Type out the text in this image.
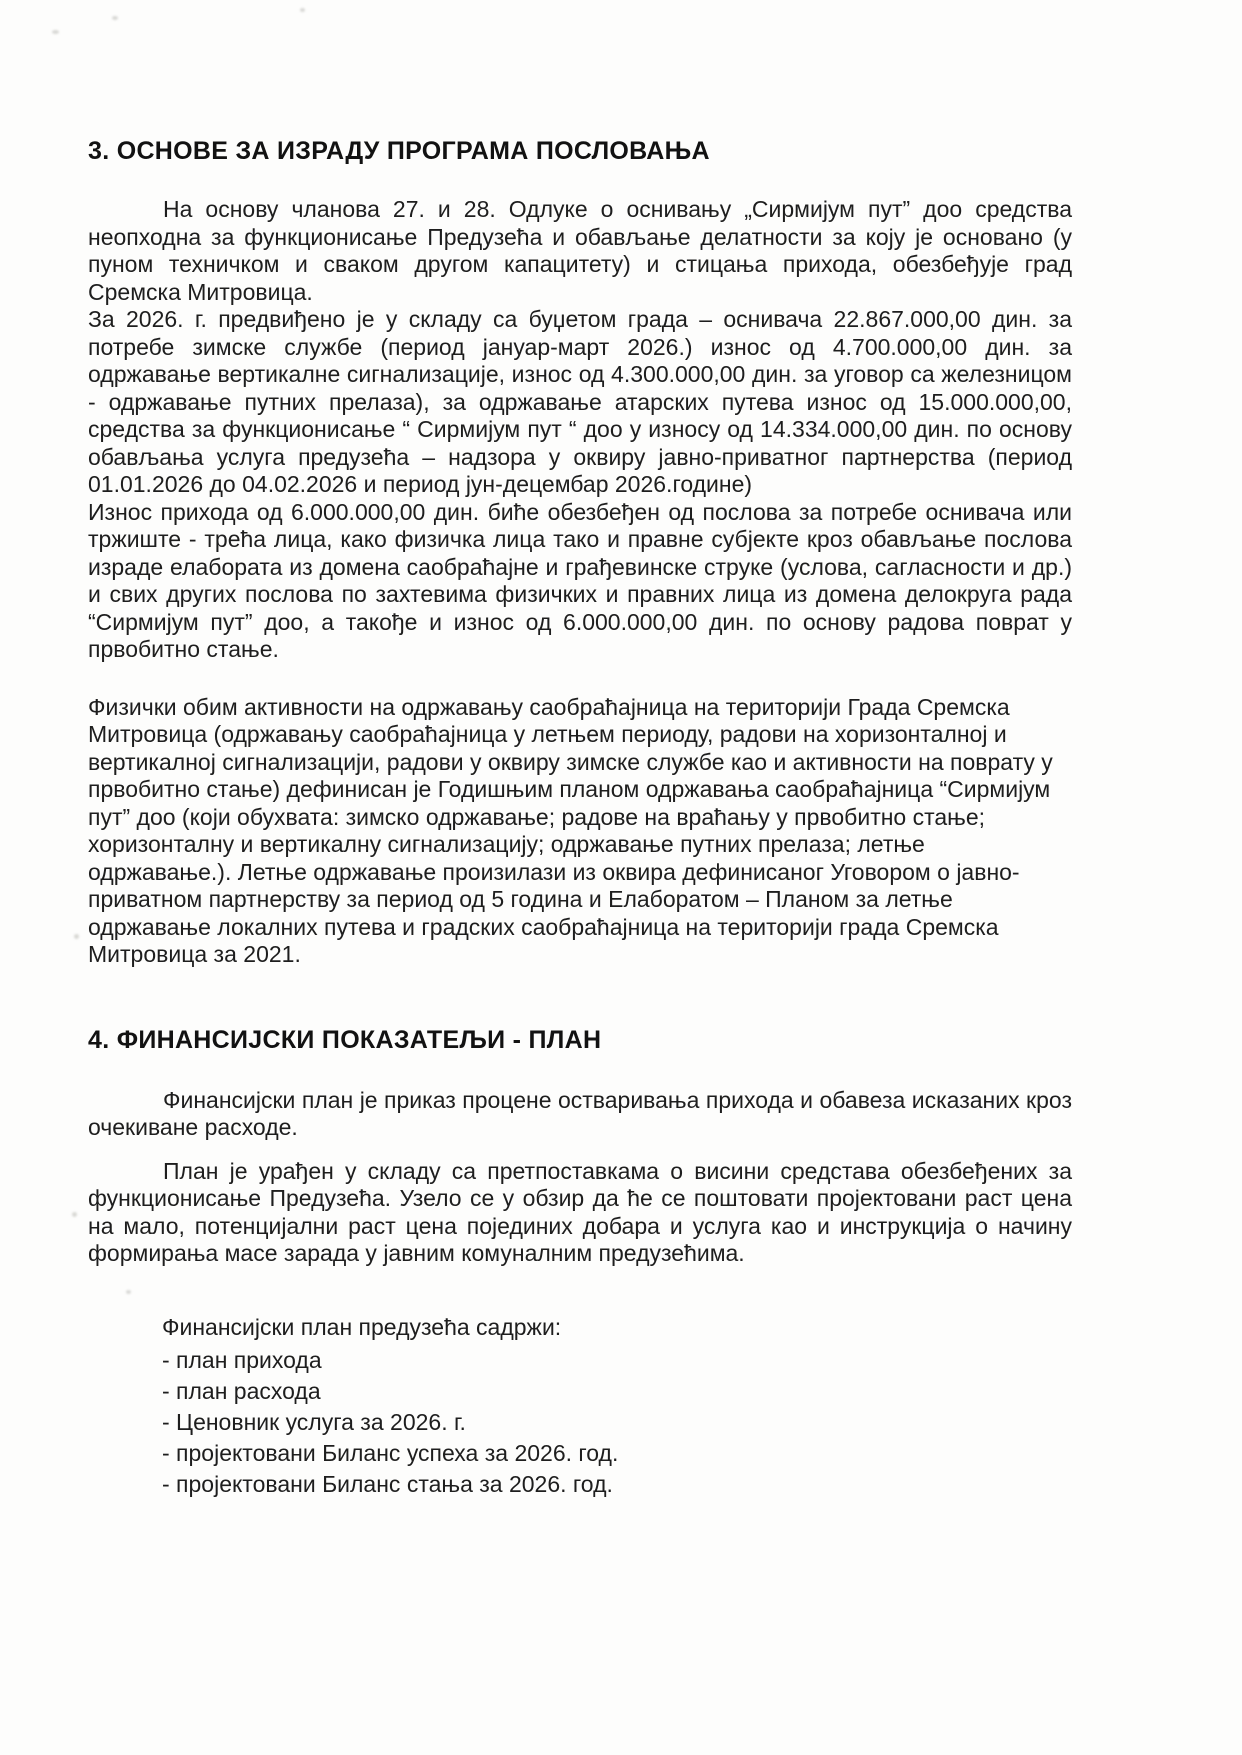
3. ОСНОВЕ ЗА ИЗРАДУ ПРОГРАМА ПОСЛОВАЊА

На основу чланова 27. и 28. Одлуке о оснивању „Сирмијум пут” доо средства неопходна за функционисање Предузећа и обављање делатности за коју је основано (у пуном техничком и сваком другом капацитету) и стицања прихода, обезбеђује град Сремска Митровица.

За 2026. г. предвиђено је у складу са буџетом града – оснивача 22.867.000,00 дин. за потребе зимске службе (период јануар-март 2026.) износ од 4.700.000,00 дин. за одржавање вертикалне сигнализације, износ од 4.300.000,00 дин. за уговор са железницом - одржавање путних прелаза), за одржавање атарских путева износ од 15.000.000,00, средства за функционисање “ Сирмијум пут “ доо у износу од 14.334.000,00 дин. по основу обављања услуга предузећа – надзора у оквиру јавно-приватног партнерства (период 01.01.2026 до 04.02.2026 и период јун-децембар 2026.године)

Износ прихода од 6.000.000,00 дин. биће обезбеђен од послова за потребе оснивача или тржиште - трећа лица, како физичка лица тако и правне субјекте кроз обављање послова израде елабората из домена саобраћајне и грађевинске струке (услова, сагласности и др.) и свих других послова по захтевима физичких и правних лица из домена делокруга рада “Сирмијум пут” доо, а такође и износ од 6.000.000,00 дин. по основу радова поврат у првобитно стање.

Физички обим активности на одржавању саобраћајница на територији Града Сремска Митровица (одржавању саобраћајница у летњем периоду, радови на хоризонталној и вертикалној сигнализацији, радови у оквиру зимске службе као и активности на поврату у првобитно стање) дефинисан је Годишњим планом одржавања саобраћајница “Сирмијум пут” доо (који обухвата: зимско одржавање; радове на враћању у првобитно стање; хоризонталну и вертикалну сигнализацију; одржавање путних прелаза; летње одржавање.). Летње одржавање произилази из оквира дефинисаног Уговором о јавно-приватном партнерству за период од 5 година и Елаборатом – Планом за летње одржавање локалних путева и градских саобраћајница на територији града Сремска Митровица за 2021.

4. ФИНАНСИЈСКИ ПОКАЗАТЕЉИ - ПЛАН

Финансијски план је приказ процене остваривања прихода и обавеза исказаних кроз очекиване расходе.

План је урађен у складу са претпоставкама о висини средстава обезбеђених за функционисање Предузећа. Узело се у обзир да ће се поштовати пројектовани раст цена на мало, потенцијални раст цена појединих добара и услуга као и инструкција о начину формирања масе зарада у јавним комуналним предузећима.

Финансијски план предузећа садржи:
- план прихода
- план расхода
- Ценовник услуга за 2026. г.
- пројектовани Биланс успеха за 2026. год.
- пројектовани Биланс стања за 2026. год.
